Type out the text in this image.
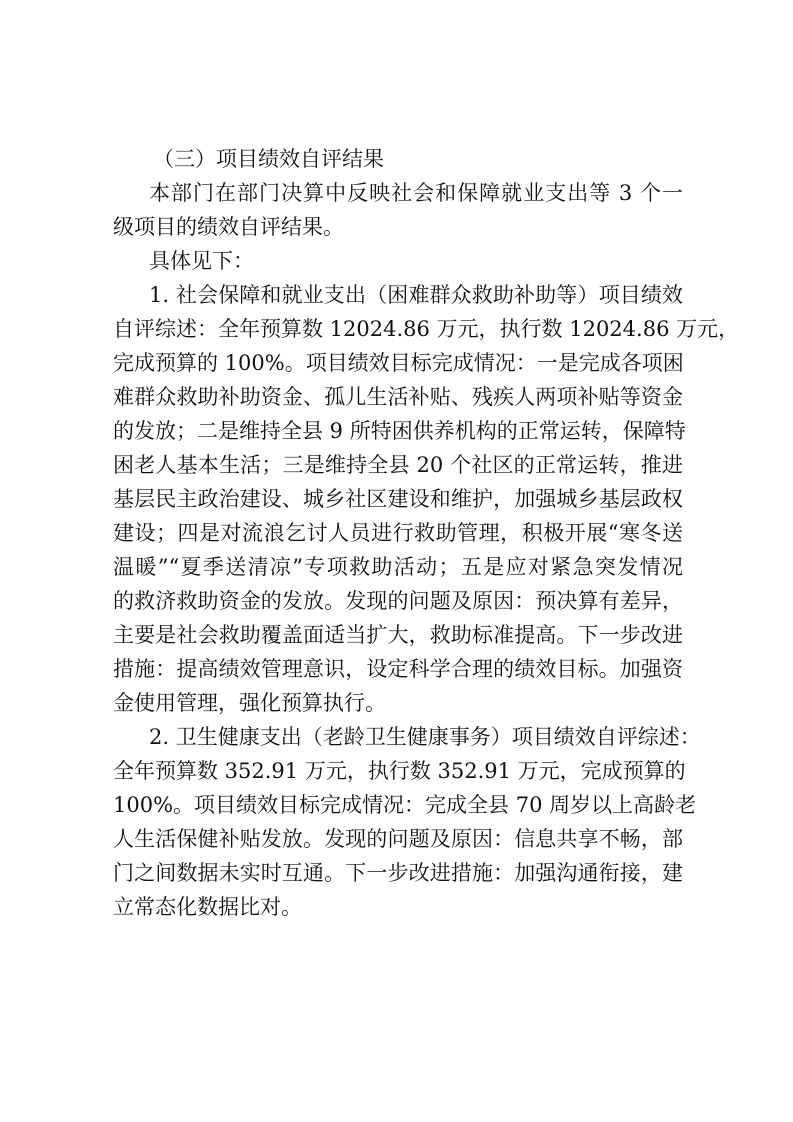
（三）项目绩效自评结果
本部门在部门决算中反映社会和保障就业支出等 3 个一
级项目的绩效自评结果。
具体见下：
1. 社会保障和就业支出（困难群众救助补助等）项目绩效
自评综述：全年预算数 12024.86 万元，执行数 12024.86 万元，
完成预算的 100%。项目绩效目标完成情况：一是完成各项困
难群众救助补助资金、孤儿生活补贴、残疾人两项补贴等资金
的发放；二是维持全县 9 所特困供养机构的正常运转，保障特
困老人基本生活；三是维持全县 20 个社区的正常运转，推进
基层民主政治建设、城乡社区建设和维护，加强城乡基层政权
建设；四是对流浪乞讨人员进行救助管理，积极开展“寒冬送
温暖”“夏季送清凉”专项救助活动；五是应对紧急突发情况
的救济救助资金的发放。发现的问题及原因：预决算有差异，
主要是社会救助覆盖面适当扩大，救助标准提高。下一步改进
措施：提高绩效管理意识，设定科学合理的绩效目标。加强资
金使用管理，强化预算执行。
2. 卫生健康支出（老龄卫生健康事务）项目绩效自评综述：
全年预算数 352.91 万元，执行数 352.91 万元，完成预算的
100%。项目绩效目标完成情况：完成全县 70 周岁以上高龄老
人生活保健补贴发放。发现的问题及原因：信息共享不畅，部
门之间数据未实时互通。下一步改进措施：加强沟通衔接，建
立常态化数据比对。
